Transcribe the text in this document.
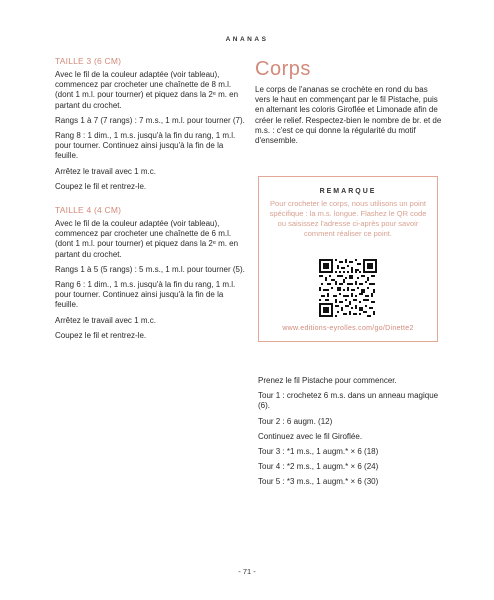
ANANAS
TAILLE 3 (6 CM)

Avec le fil de la couleur adaptée (voir tableau), commencez par crocheter une chaînette de 8 m.l. (dont 1 m.l. pour tourner) et piquez dans la 2ᵉ m. en partant du crochet.

Rangs 1 à 7 (7 rangs) : 7 m.s., 1 m.l. pour tourner (7).

Rang 8 : 1 dim., 1 m.s. jusqu'à la fin du rang, 1 m.l. pour tourner. Continuez ainsi jusqu'à la fin de la feuille.

Arrêtez le travail avec 1 m.c.

Coupez le fil et rentrez-le.

TAILLE 4 (4 CM)

Avec le fil de la couleur adaptée (voir tableau), commencez par crocheter une chaînette de 6 m.l. (dont 1 m.l. pour tourner) et piquez dans la 2ᵉ m. en partant du crochet.

Rangs 1 à 5 (5 rangs) : 5 m.s., 1 m.l. pour tourner (5).

Rang 6 : 1 dim., 1 m.s. jusqu'à la fin du rang, 1 m.l. pour tourner. Continuez ainsi jusqu'à la fin de la feuille.

Arrêtez le travail avec 1 m.c.

Coupez le fil et rentrez-le.

Corps

Le corps de l'ananas se crochète en rond du bas vers le haut en commençant par le fil Pistache, puis en alternant les coloris Giroflée et Limonade afin de créer le relief. Respectez-bien le nombre de br. et de m.s. : c'est ce qui donne la régularité du motif d'ensemble.

REMARQUE
Pour crocheter le corps, nous utilisons un point spécifique : la m.s. longue. Flashez le QR code ou saisissez l'adresse ci-après pour savoir comment réaliser ce point.
www.editions-eyrolles.com/go/Dinette2

Prenez le fil Pistache pour commencer.

Tour 1 : crochetez 6 m.s. dans un anneau magique (6).

Tour 2 : 6 augm. (12)

Continuez avec le fil Giroflée.

Tour 3 : *1 m.s., 1 augm.* × 6 (18)

Tour 4 : *2 m.s., 1 augm.* × 6 (24)

Tour 5 : *3 m.s., 1 augm.* × 6 (30)

- 71 -
